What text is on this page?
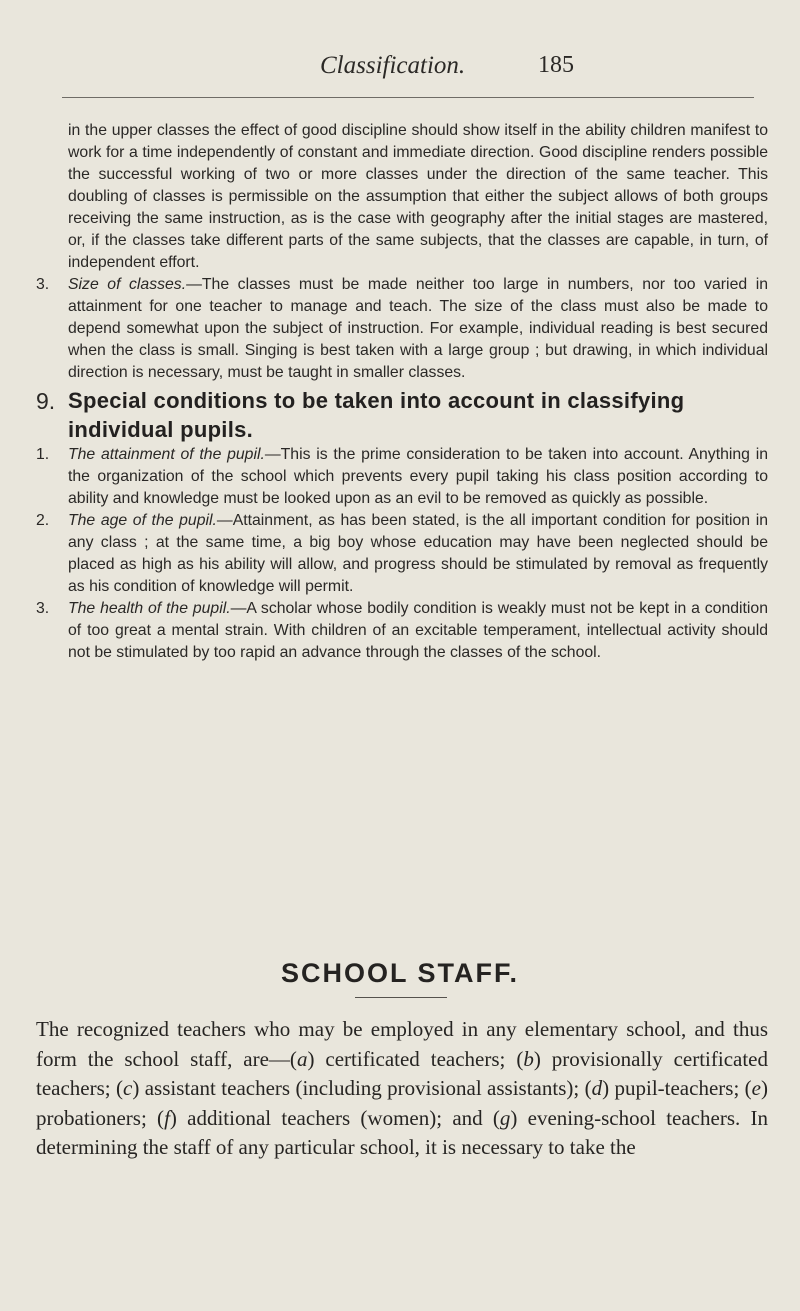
Classification.	185

in the upper classes the effect of good discipline should show itself in the ability children manifest to work for a time independently of constant and immediate direction. Good discipline renders possible the successful working of two or more classes under the direction of the same teacher. This doubling of classes is permissible on the assumption that either the subject allows of both groups receiving the same instruction, as is the case with geography after the initial stages are mastered, or, if the classes take different parts of the same subjects, that the classes are capable, in turn, of independent effort.

3.	Size of classes.—The classes must be made neither too large in numbers, nor too varied in attainment for one teacher to manage and teach. The size of the class must also be made to depend somewhat upon the subject of instruction. For example, individual reading is best secured when the class is small. Singing is best taken with a large group ; but drawing, in which individual direction is necessary, must be taught in smaller classes.

9. Special conditions to be taken into account in classifying individual pupils.
1.	The attainment of the pupil.—This is the prime consideration to be taken into account. Anything in the organization of the school which prevents every pupil taking his class position according to ability and knowledge must be looked upon as an evil to be removed as quickly as possible.

2.	The age of the pupil.—Attainment, as has been stated, is the all important condition for position in any class ; at the same time, a big boy whose education may have been neglected should be placed as high as his ability will allow, and progress should be stimulated by removal as frequently as his condition of knowledge will permit.

3.	The health of the pupil.—A scholar whose bodily condition is weakly must not be kept in a condition of too great a mental strain. With children of an excitable temperament, intellectual activity should not be stimulated by too rapid an advance through the classes of the school.

SCHOOL STAFF.

The recognized teachers who may be employed in any elementary school, and thus form the school staff, are—(a) certificated teachers; (b) provisionally certificated teachers; (c) assistant teachers (including provisional assistants); (d) pupil-teachers; (e) probationers; (f) additional teachers (women); and (g) evening-school teachers. In determining the staff of any particular school, it is necessary to take the
